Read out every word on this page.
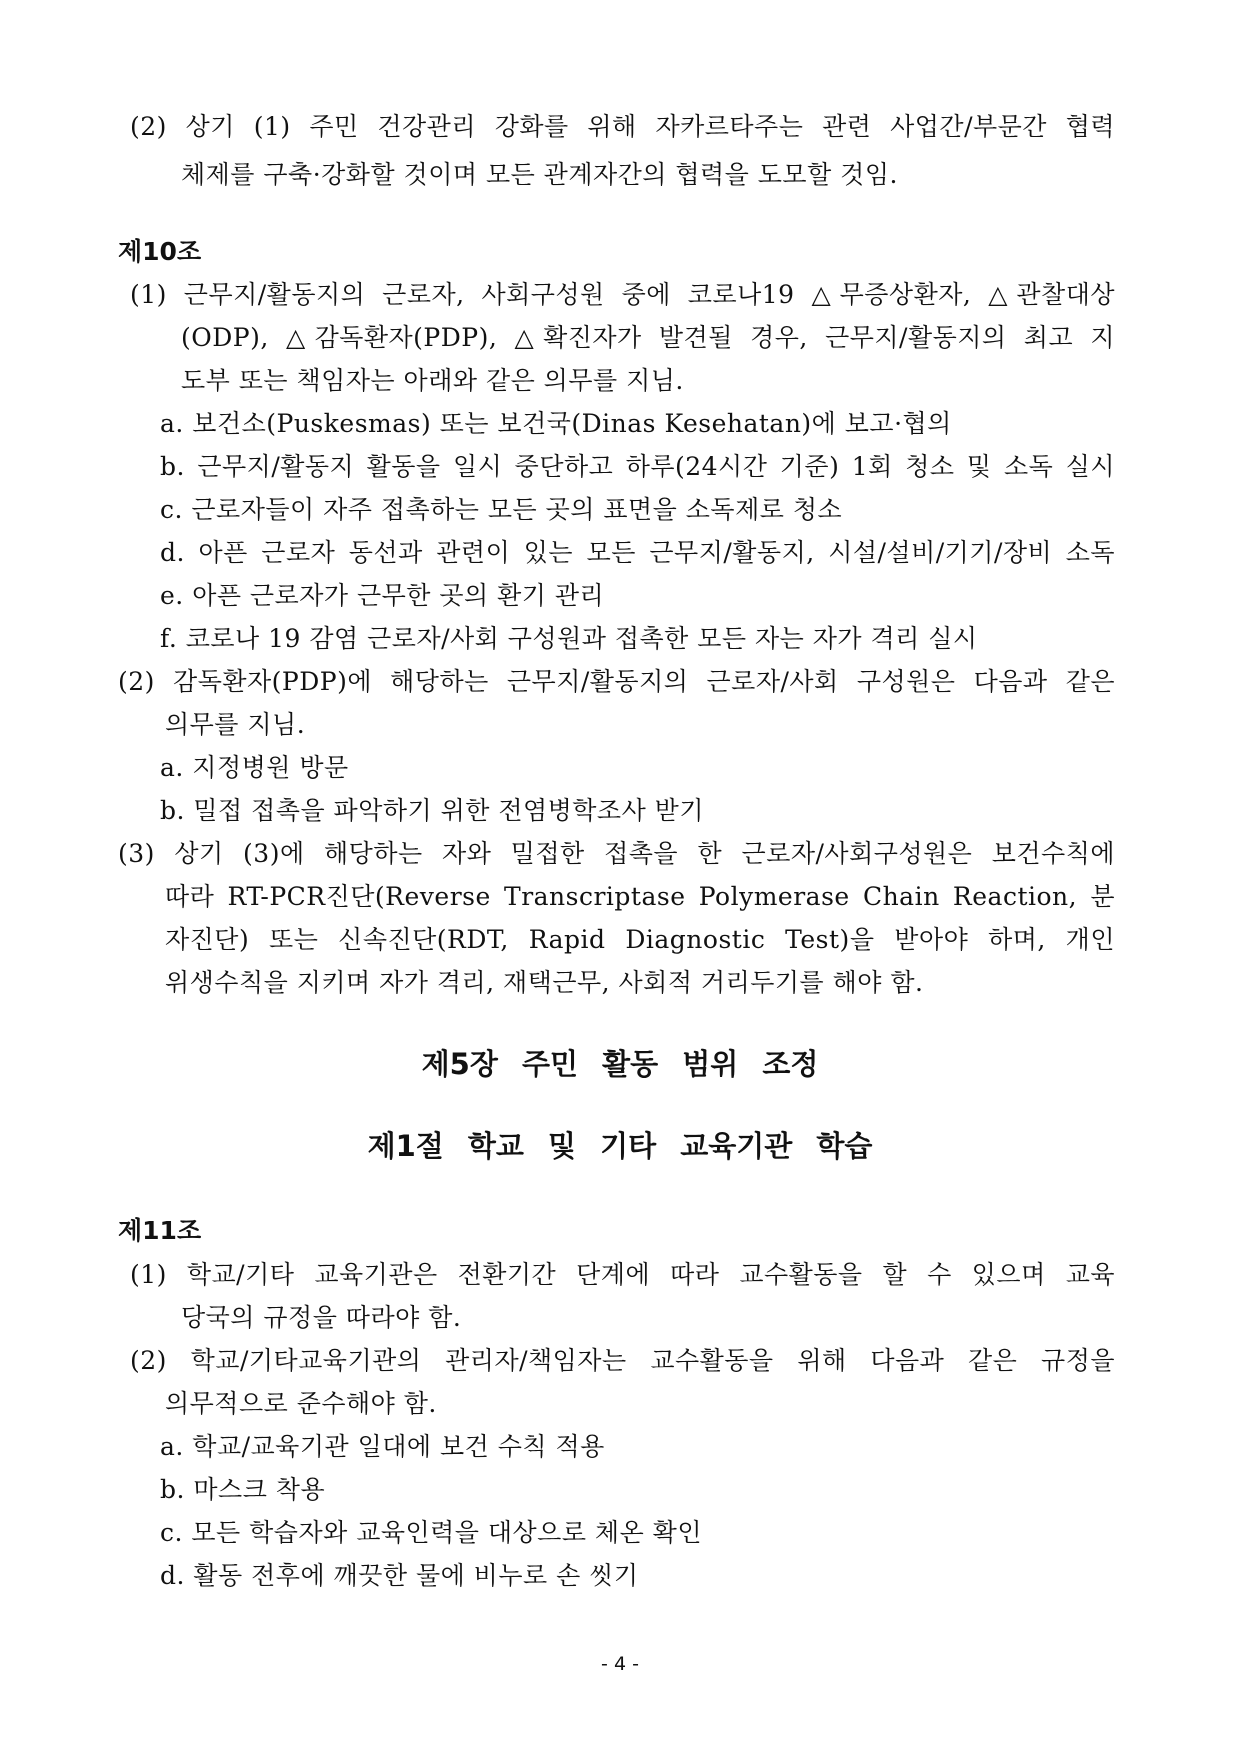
(2) 상기 (1) 주민 건강관리 강화를 위해 자카르타주는 관련 사업간/부문간 협력
체제를 구축·강화할 것이며 모든 관계자간의 협력을 도모할 것임.
제10조
(1) 근무지/활동지의 근로자, 사회구성원 중에 코로나19 △무증상환자, △관찰대상
(ODP), △감독환자(PDP), △확진자가 발견될 경우, 근무지/활동지의 최고 지
도부 또는 책임자는 아래와 같은 의무를 지님.
a. 보건소(Puskesmas) 또는 보건국(Dinas Kesehatan)에 보고·협의
b. 근무지/활동지 활동을 일시 중단하고 하루(24시간 기준) 1회 청소 및 소독 실시
c. 근로자들이 자주 접촉하는 모든 곳의 표면을 소독제로 청소
d. 아픈 근로자 동선과 관련이 있는 모든 근무지/활동지, 시설/설비/기기/장비 소독
e. 아픈 근로자가 근무한 곳의 환기 관리
f. 코로나 19 감염 근로자/사회 구성원과 접촉한 모든 자는 자가 격리 실시
(2) 감독환자(PDP)에 해당하는 근무지/활동지의 근로자/사회 구성원은 다음과 같은
의무를 지님.
a. 지정병원 방문
b. 밀접 접촉을 파악하기 위한 전염병학조사 받기
(3) 상기 (3)에 해당하는 자와 밀접한 접촉을 한 근로자/사회구성원은 보건수칙에
따라 RT-PCR진단(Reverse Transcriptase Polymerase Chain Reaction, 분
자진단) 또는 신속진단(RDT, Rapid Diagnostic Test)을 받아야 하며, 개인
위생수칙을 지키며 자가 격리, 재택근무, 사회적 거리두기를 해야 함.
제5장 주민 활동 범위 조정
제1절 학교 및 기타 교육기관 학습
제11조
(1) 학교/기타 교육기관은 전환기간 단계에 따라 교수활동을 할 수 있으며 교육
당국의 규정을 따라야 함.
(2) 학교/기타교육기관의 관리자/책임자는 교수활동을 위해 다음과 같은 규정을
의무적으로 준수해야 함.
a. 학교/교육기관 일대에 보건 수칙 적용
b. 마스크 착용
c. 모든 학습자와 교육인력을 대상으로 체온 확인
d. 활동 전후에 깨끗한 물에 비누로 손 씻기
- 4 -
